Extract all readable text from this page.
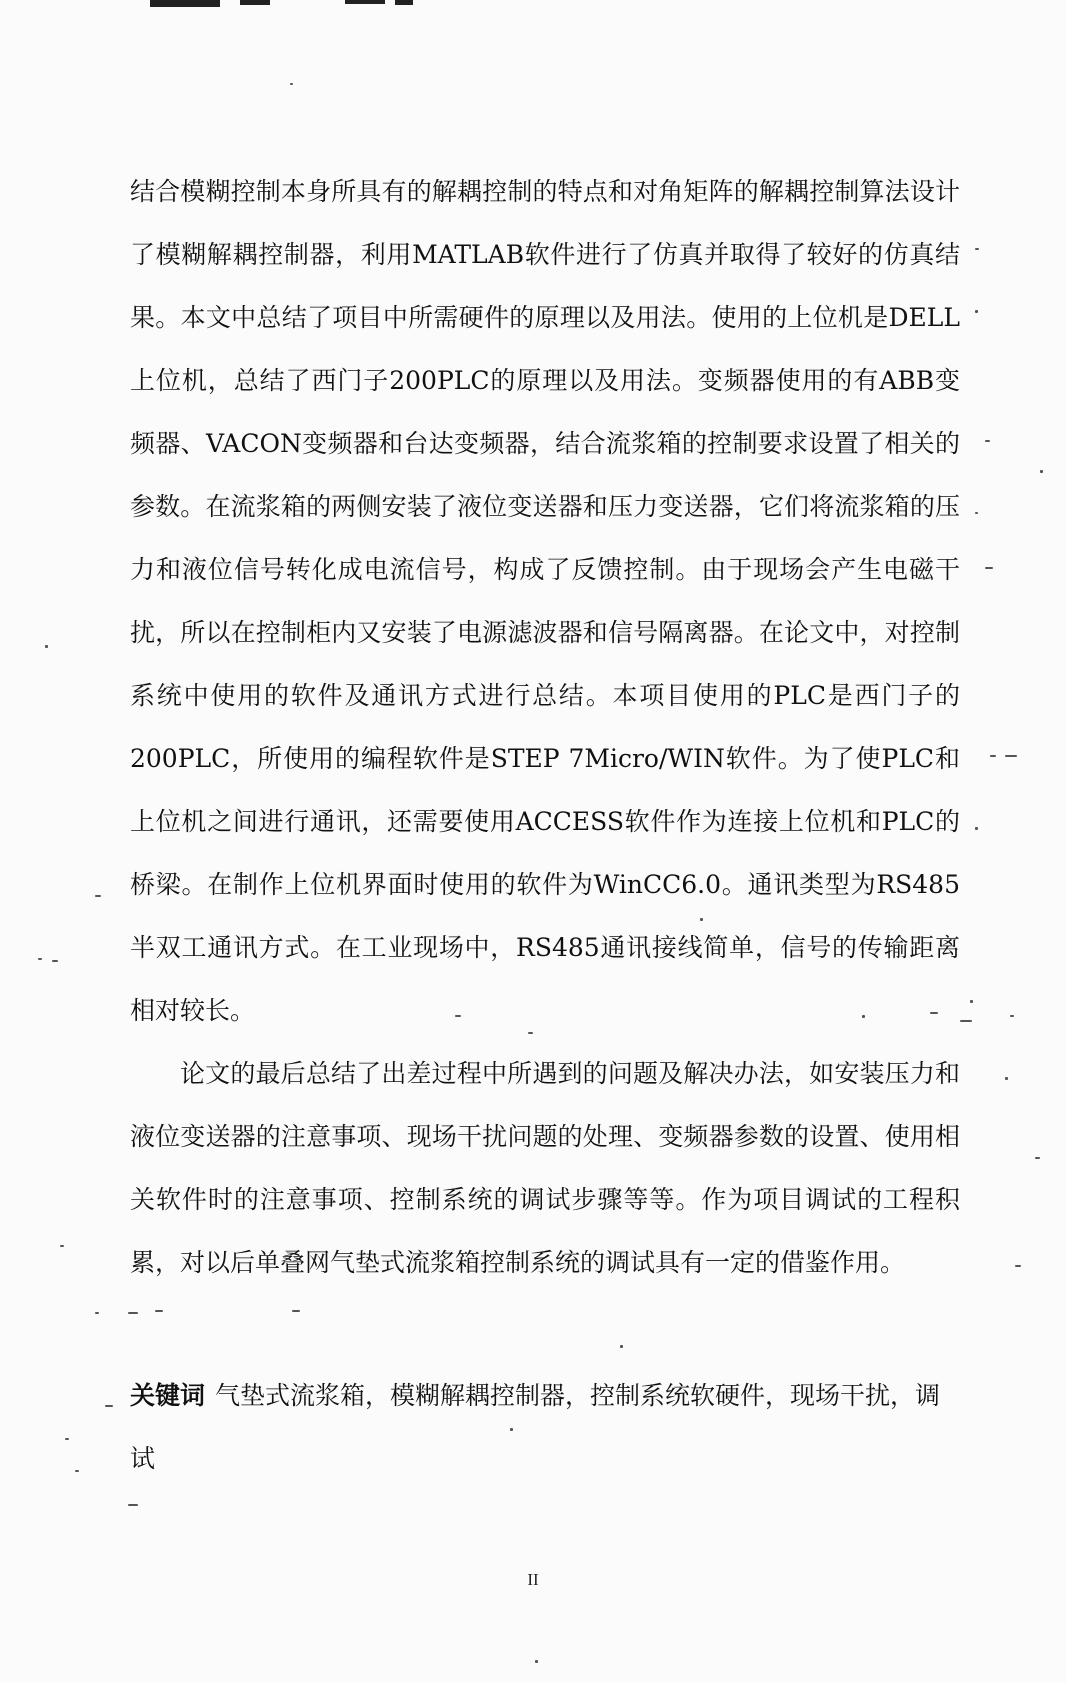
结合模糊控制本身所具有的解耦控制的特点和对角矩阵的解耦控制算法设计了模糊解耦控制器，利用MATLAB软件进行了仿真并取得了较好的仿真结果。本文中总结了项目中所需硬件的原理以及用法。使用的上位机是DELL上位机，总结了西门子200PLC的原理以及用法。变频器使用的有ABB变频器、VACON变频器和台达变频器，结合流浆箱的控制要求设置了相关的参数。在流浆箱的两侧安装了液位变送器和压力变送器，它们将流浆箱的压力和液位信号转化成电流信号，构成了反馈控制。由于现场会产生电磁干扰，所以在控制柜内又安装了电源滤波器和信号隔离器。在论文中，对控制系统中使用的软件及通讯方式进行总结。本项目使用的PLC是西门子的200PLC，所使用的编程软件是STEP 7Micro/WIN软件。为了使PLC和上位机之间进行通讯，还需要使用ACCESS软件作为连接上位机和PLC的桥梁。在制作上位机界面时使用的软件为WinCC6.0。通讯类型为RS485半双工通讯方式。在工业现场中，RS485通讯接线简单，信号的传输距离相对较长。

论文的最后总结了出差过程中所遇到的问题及解决办法，如安装压力和液位变送器的注意事项、现场干扰问题的处理、变频器参数的设置、使用相关软件时的注意事项、控制系统的调试步骤等等。作为项目调试的工程积累，对以后单叠网气垫式流浆箱控制系统的调试具有一定的借鉴作用。

关键词 气垫式流浆箱，模糊解耦控制器，控制系统软硬件，现场干扰，调试

II
